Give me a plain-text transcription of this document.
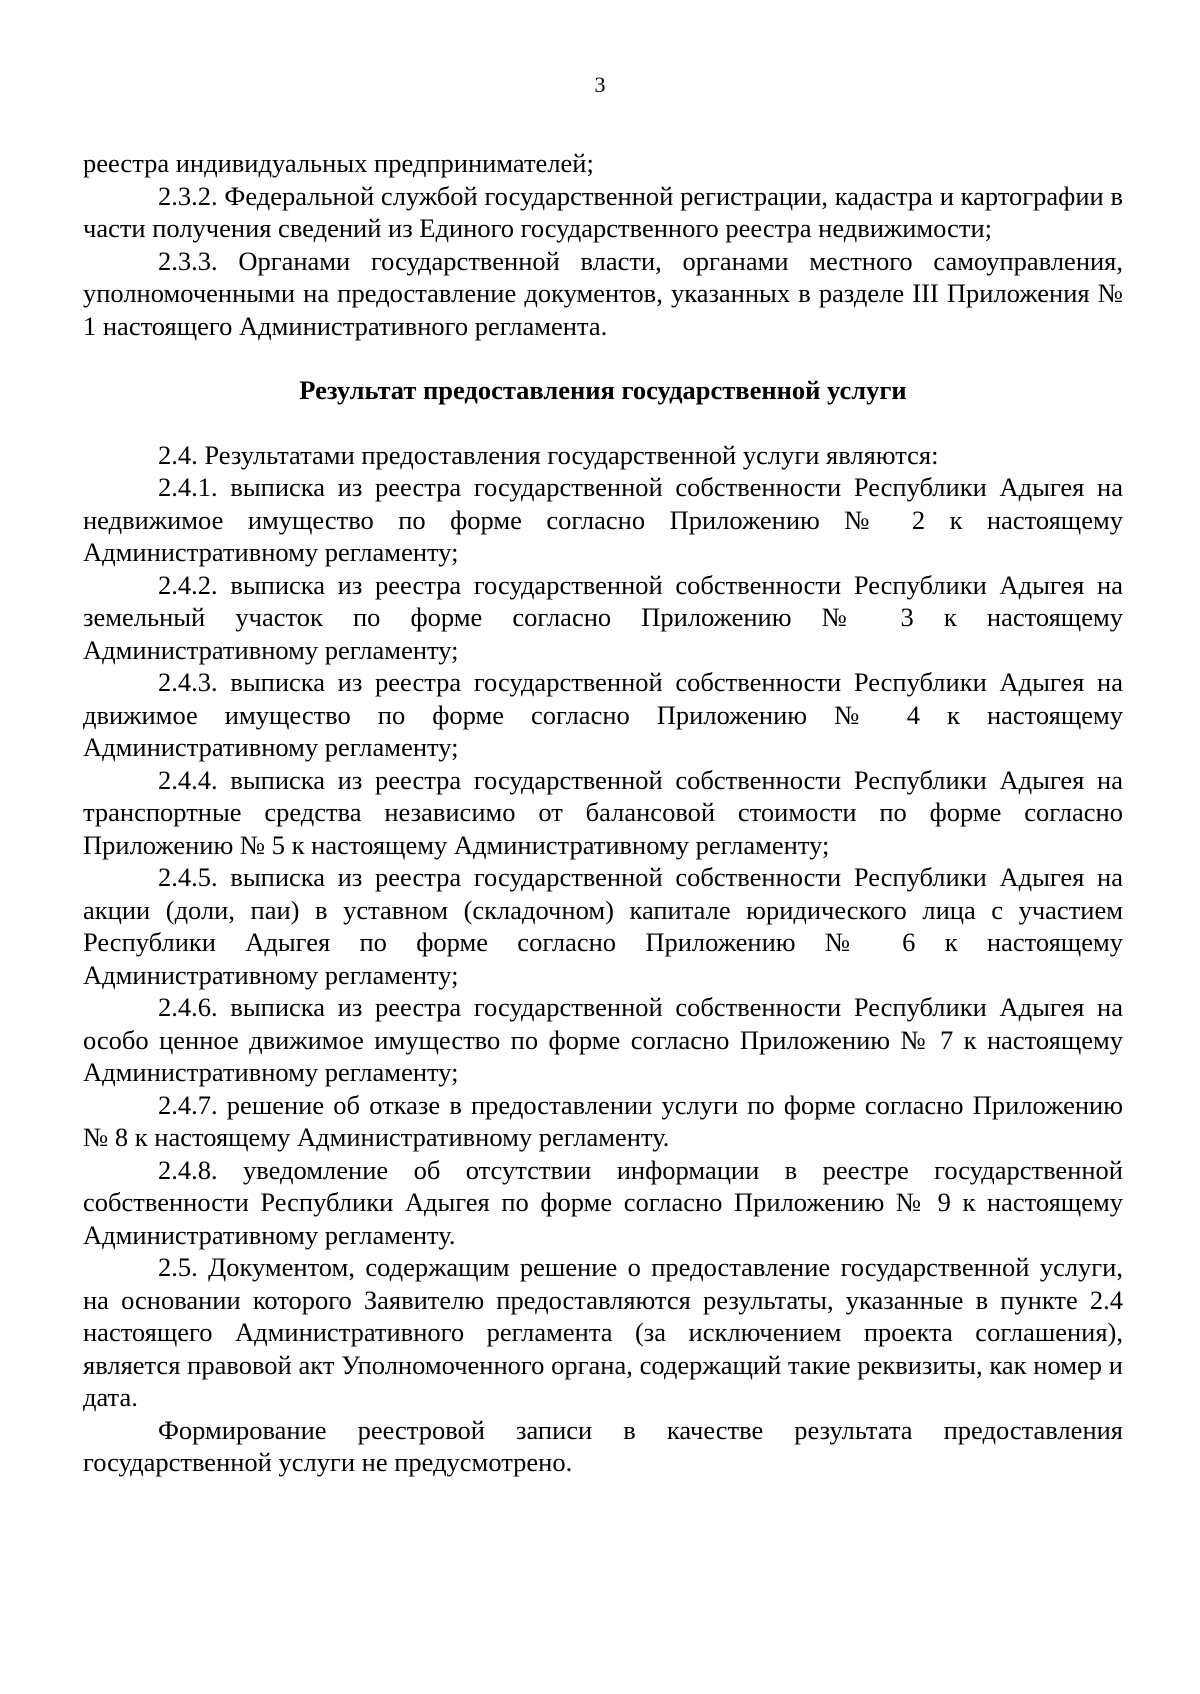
3

реестра индивидуальных предпринимателей;

2.3.2. Федеральной службой государственной регистрации, кадастра и картографии в части получения сведений из Единого государственного реестра недвижимости;

2.3.3. Органами государственной власти, органами местного самоуправления, уполномоченными на предоставление документов, указанных в разделе III Приложения № 1 настоящего Административного регламента.

Результат предоставления государственной услуги

2.4. Результатами предоставления государственной услуги являются:

2.4.1. выписка из реестра государственной собственности Республики Адыгея на недвижимое имущество по форме согласно Приложению № 2 к настоящему Административному регламенту;

2.4.2. выписка из реестра государственной собственности Республики Адыгея на земельный участок по форме согласно Приложению № 3 к настоящему Административному регламенту;

2.4.3. выписка из реестра государственной собственности Республики Адыгея на движимое имущество по форме согласно Приложению № 4 к настоящему Административному регламенту;

2.4.4. выписка из реестра государственной собственности Республики Адыгея на транспортные средства независимо от балансовой стоимости по форме согласно Приложению № 5 к настоящему Административному регламенту;

2.4.5. выписка из реестра государственной собственности Республики Адыгея на акции (доли, паи) в уставном (складочном) капитале юридического лица с участием Республики Адыгея по форме согласно Приложению № 6 к настоящему Административному регламенту;

2.4.6. выписка из реестра государственной собственности Республики Адыгея на особо ценное движимое имущество по форме согласно Приложению № 7 к настоящему Административному регламенту;

2.4.7. решение об отказе в предоставлении услуги по форме согласно Приложению № 8 к настоящему Административному регламенту.

2.4.8. уведомление об отсутствии информации в реестре государственной собственности Республики Адыгея по форме согласно Приложению № 9 к настоящему Административному регламенту.

2.5. Документом, содержащим решение о предоставление государственной услуги, на основании которого Заявителю предоставляются результаты, указанные в пункте 2.4 настоящего Административного регламента (за исключением проекта соглашения), является правовой акт Уполномоченного органа, содержащий такие реквизиты, как номер и дата.

Формирование реестровой записи в качестве результата предоставления государственной услуги не предусмотрено.
